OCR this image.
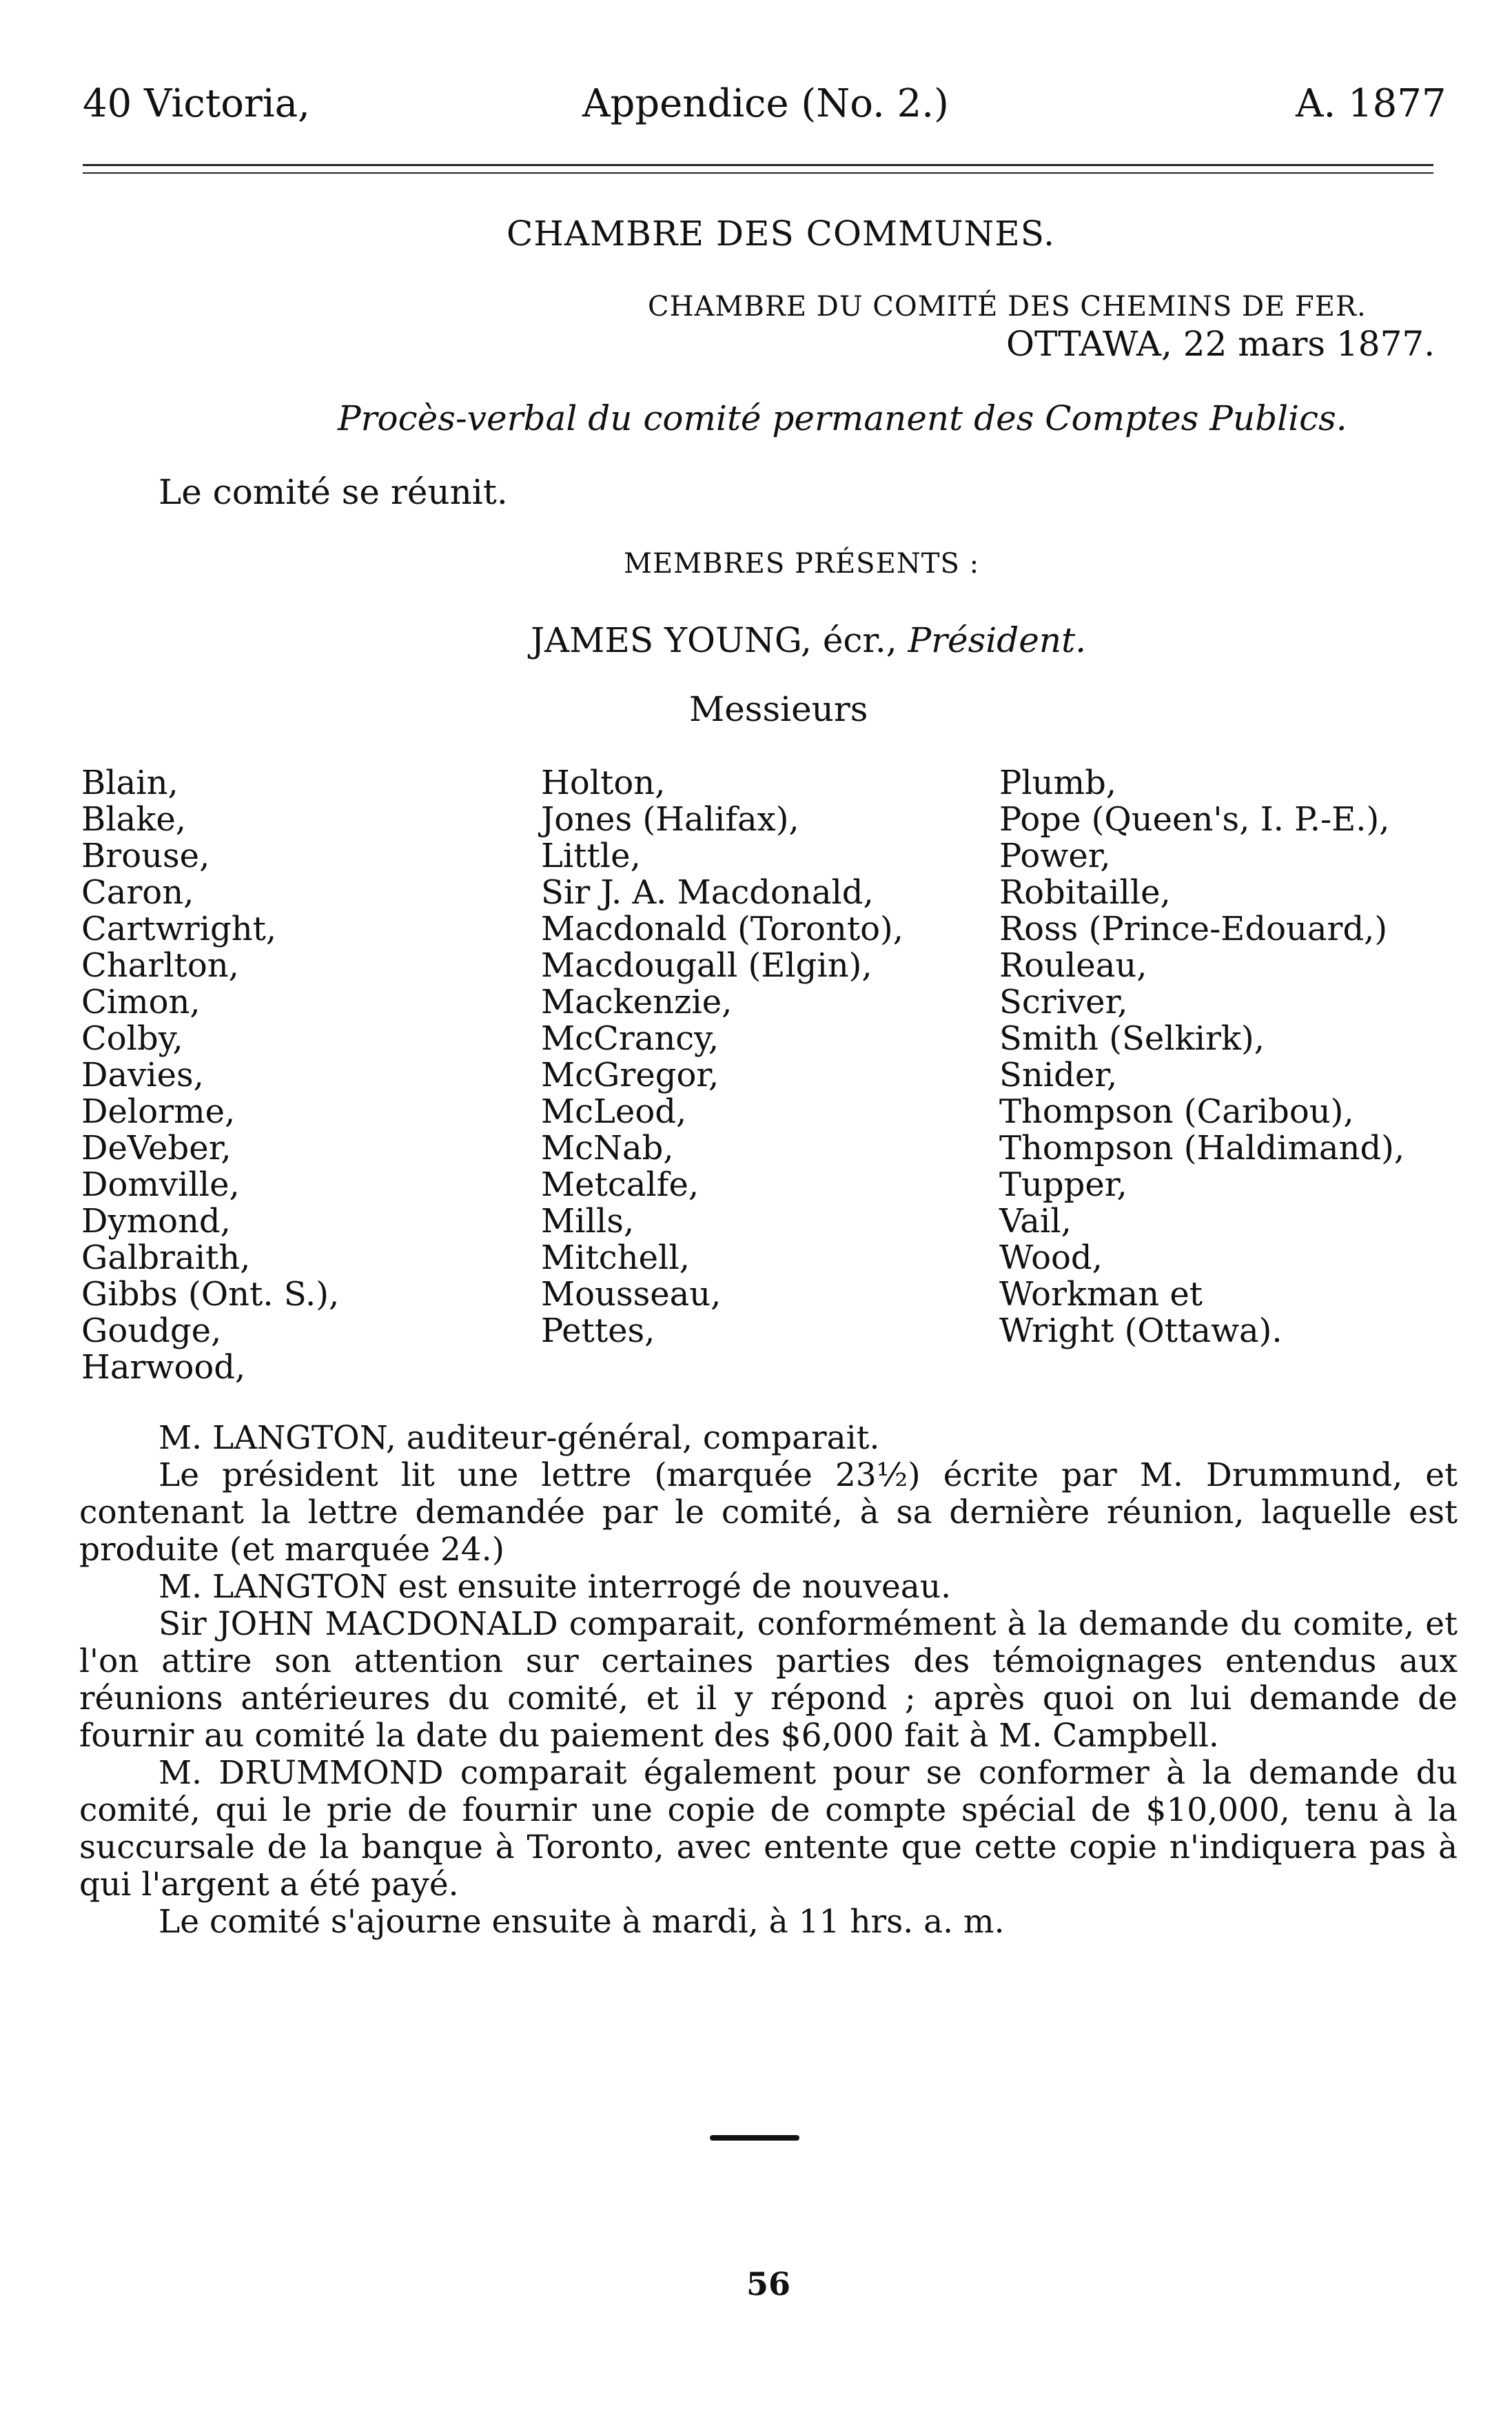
40 Victoria,	Appendice (No. 2.)	A. 1877
CHAMBRE DES COMMUNES.
CHAMBRE DU COMITÉ DES CHEMINS DE FER.
OTTAWA, 22 mars 1877.
Procès-verbal du comité permanent des Comptes Publics.
Le comité se réunit.
MEMBRES PRÉSENTS :
JAMES YOUNG, écr., Président.
Messieurs
Blain,
Blake,
Brouse,
Caron,
Cartwright,
Charlton,
Cimon,
Colby,
Davies,
Delorme,
DeVeber,
Domville,
Dymond,
Galbraith,
Gibbs (Ont. S.),
Goudge,
Harwood,
Holton,
Jones (Halifax),
Little,
Sir J. A. Macdonald,
Macdonald (Toronto),
Macdougall (Elgin),
Mackenzie,
McCrancy,
McGregor,
McLeod,
McNab,
Metcalfe,
Mills,
Mitchell,
Mousseau,
Pettes,
Plumb,
Pope (Queen's, I. P.-E.),
Power,
Robitaille,
Ross (Prince-Edouard,)
Rouleau,
Scriver,
Smith (Selkirk),
Snider,
Thompson (Caribou),
Thompson (Haldimand),
Tupper,
Vail,
Wood,
Workman et
Wright (Ottawa).

M. LANGTON, auditeur-général, comparait.

Le président lit une lettre (marquée 23½) écrite par M. Drummund, et contenant la lettre demandée par le comité, à sa dernière réunion, laquelle est produite (et marquée 24.)

M. LANGTON est ensuite interrogé de nouveau.

Sir JOHN MACDONALD comparait, conformément à la demande du comite, et l'on attire son attention sur certaines parties des témoignages entendus aux réunions antérieures du comité, et il y répond ; après quoi on lui demande de fournir au comité la date du paiement des $6,000 fait à M. Campbell.

M. DRUMMOND comparait également pour se conformer à la demande du comité, qui le prie de fournir une copie de compte spécial de $10,000, tenu à la succursale de la banque à Toronto, avec entente que cette copie n'indiquera pas à qui l'argent a été payé.

Le comité s'ajourne ensuite à mardi, à 11 hrs. a. m.

56
